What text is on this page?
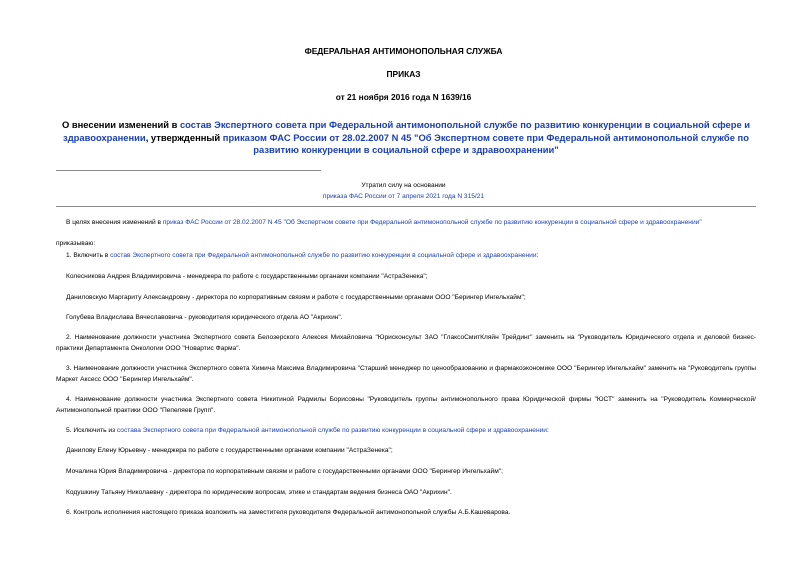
ФЕДЕРАЛЬНАЯ АНТИМОНОПОЛЬНАЯ СЛУЖБА
ПРИКАЗ
от 21 ноября 2016 года N 1639/16
О внесении изменений в состав Экспертного совета при Федеральной антимонопольной службе по развитию конкуренции в социальной сфере и здравоохранении, утвержденный приказом ФАС России от 28.02.2007 N 45 "Об Экспертном совете при Федеральной антимонопольной службе по развитию конкуренции в социальной сфере и здравоохранении"
Утратил силу на основании
приказа ФАС России от 7 апреля 2021 года N 315/21
В целях внесения изменений в приказ ФАС России от 28.02.2007 N 45 "Об Экспертном совете при Федеральной антимонопольной службе по развитию конкуренции в социальной сфере и здравоохранении"
приказываю:
1. Включить в состав Экспертного совета при Федеральной антимонопольной службе по развитию конкуренции в социальной сфере и здравоохранении:
Колесникова Андрея Владимировича - менеджера по работе с государственными органами компании "АстраЗенека";
Даниловскую Маргариту Александровну - директора по корпоративным связям и работе с государственными органами ООО "Берингер Ингельхайм";
Голубева Владислава Вячеславовича - руководителя юридического отдела АО "Акрихин".
2. Наименование должности участника Экспертного совета Белозерского Алексея Михайловича "Юрисконсульт ЗАО "ГлаксоСмитКляйн Трейдинг" заменить на "Руководитель Юридического отдела и деловой бизнес-практики Департамента Онкологии ООО "Новартис Фарма".
3. Наименование должности участника Экспертного совета Химича Максима Владимировича "Старший менеджер по ценообразованию и фармакоэкономике ООО "Берингер Ингельхайм" заменить на "Руководитель группы Маркет Аксесс ООО "Берингер Ингельхайм".
4. Наименование должности участника Экспертного совета Никитиной Радмилы Борисовны "Руководитель группы антимонопольного права Юридической фирмы "ЮСТ" заменить на "Руководитель Коммерческой/Антимонопольной практики ООО "Пепеляев Групп".
5. Исключить из состава Экспертного совета при Федеральной антимонопольной службе по развитию конкуренции в социальной сфере и здравоохранении:
Данилову Елену Юрьевну - менеджера по работе с государственными органами компании "АстраЗенека";
Мочалина Юрия Владимировича - директора по корпоративным связям и работе с государственными органами ООО "Берингер Ингельхайм";
Кодушкину Татьяну Николаевну - директора по юридическим вопросам, этике и стандартам ведения бизнеса ОАО "Акрихин".
6. Контроль исполнения настоящего приказа возложить на заместителя руководителя Федеральной антимонопольной службы А.Б.Кашеварова.
